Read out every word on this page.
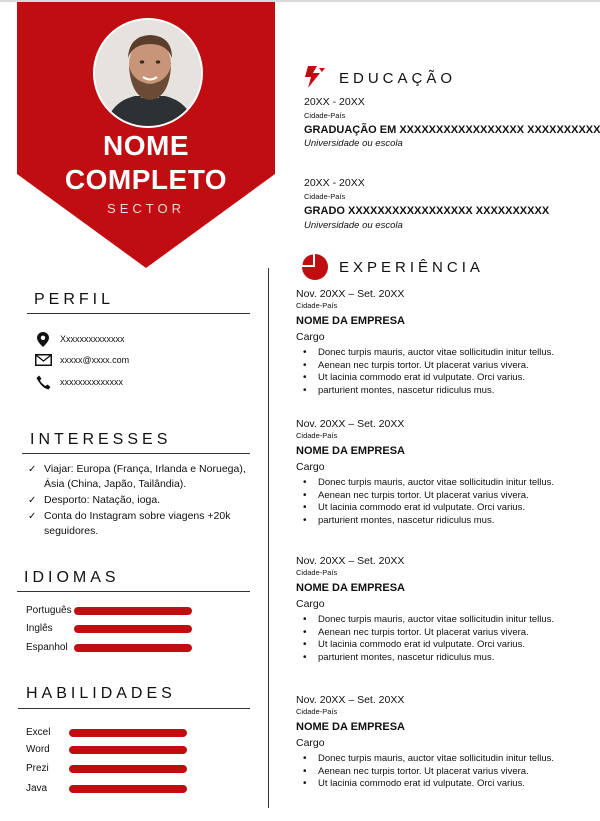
NOME
COMPLETO
SECTOR
PERFIL
Xxxxxxxxxxxxxx
xxxxx@xxxx.com
xxxxxxxxxxxxxx
INTERESSES
✓ Viajar: Europa (França, Irlanda e Noruega), Ásia (China, Japão, Tailândia).
✓ Desporto: Natação, ioga.
✓ Conta do Instagram sobre viagens +20k seguidores.
IDIOMAS
Português
Inglês
Espanhol
HABILIDADES
Excel
Word
Prezi
Java
EDUCAÇÃO
20XX - 20XX
Cidade-País
GRADUAÇÃO EM XXXXXXXXXXXXXXXXX XXXXXXXXXX
Universidade ou escola
20XX - 20XX
Cidade-País
GRADO XXXXXXXXXXXXXXXXX XXXXXXXXXX
Universidade ou escola
EXPERIÊNCIA
Nov. 20XX – Set. 20XX
Cidade-País
NOME DA EMPRESA
Cargo
• Donec turpis mauris, auctor vitae sollicitudin initur tellus.
• Aenean nec turpis tortor. Ut placerat varius vivera.
• Ut lacinia commodo erat id vulputate. Orci varius.
• parturient montes, nascetur ridiculus mus.
Nov. 20XX – Set. 20XX
Cidade-País
NOME DA EMPRESA
Cargo
• Donec turpis mauris, auctor vitae sollicitudin initur tellus.
• Aenean nec turpis tortor. Ut placerat varius vivera.
• Ut lacinia commodo erat id vulputate. Orci varius.
• parturient montes, nascetur ridiculus mus.
Nov. 20XX – Set. 20XX
Cidade-País
NOME DA EMPRESA
Cargo
• Donec turpis mauris, auctor vitae sollicitudin initur tellus.
• Aenean nec turpis tortor. Ut placerat varius vivera.
• Ut lacinia commodo erat id vulputate. Orci varius.
• parturient montes, nascetur ridiculus mus.
Nov. 20XX – Set. 20XX
Cidade-País
NOME DA EMPRESA
Cargo
• Donec turpis mauris, auctor vitae sollicitudin initur tellus.
• Aenean nec turpis tortor. Ut placerat varius vivera.
• Ut lacinia commodo erat id vulputate. Orci varius.
